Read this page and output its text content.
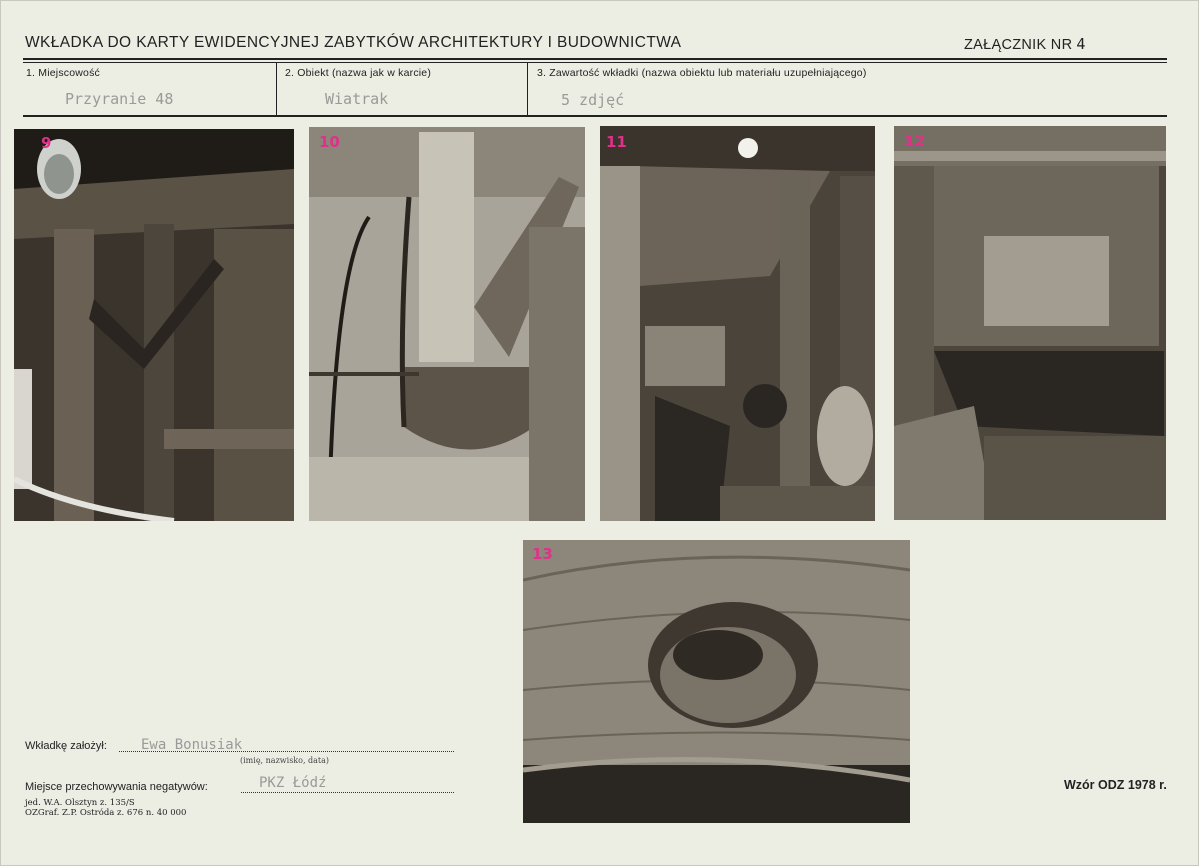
WKŁADKA DO KARTY EWIDENCYJNEJ ZABYTKÓW ARCHITEKTURY I BUDOWNICTWA	ZAŁĄCZNIK NR 4
1. Miejscowość
Przyranie 48
2. Obiekt (nazwa jak w karcie)
Wiatrak
3. Zawartość wkładki (nazwa obiektu lub materiału uzupełniającego)
5 zdjęć
9	10	11	12
13
Wkładkę założył: Ewa Bonusiak
(imię, nazwisko, data)
Miejsce przechowywania negatywów:	PKZ Łódź
jed. W.A. Olsztyn z. 135/S
OZGraf. Z.P. Ostróda z. 676 n. 40 000
Wzór ODZ 1978 r.
